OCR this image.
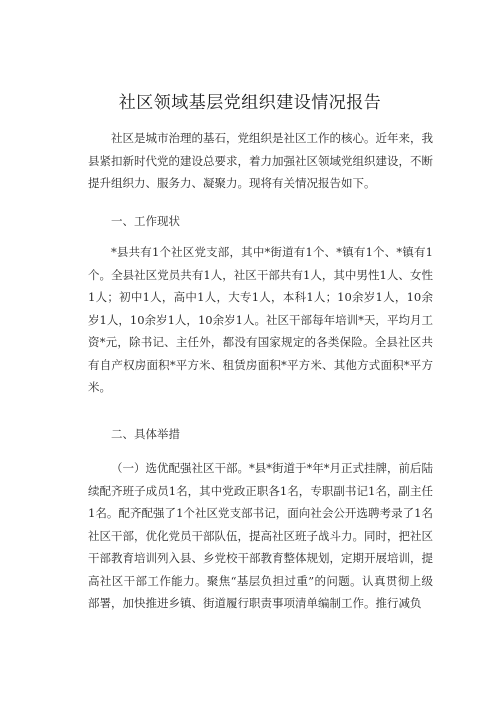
社区领域基层党组织建设情况报告
社区是城市治理的基石，党组织是社区工作的核心。近年来，我县紧扣新时代党的建设总要求，着力加强社区领域党组织建设，不断提升组织力、服务力、凝聚力。现将有关情况报告如下。
一、工作现状
*县共有1个社区党支部，其中*街道有1个、*镇有1个、*镇有1个。全县社区党员共有1人，社区干部共有1人，其中男性1人、女性1人；初中1人，高中1人，大专1人，本科1人；10余岁1人，10余岁1人，10余岁1人，10余岁1人。社区干部每年培训*天，平均月工资*元，除书记、主任外，都没有国家规定的各类保险。全县社区共有自产权房面积*平方米、租赁房面积*平方米、其他方式面积*平方米。
二、具体举措
（一）选优配强社区干部。*县*街道于*年*月正式挂牌，前后陆续配齐班子成员1名，其中党政正职各1名，专职副书记1名，副主任1名。配齐配强了1个社区党支部书记，面向社会公开选聘考录了1名社区干部，优化党员干部队伍，提高社区班子战斗力。同时，把社区干部教育培训列入县、乡党校干部教育整体规划，定期开展培训，提高社区干部工作能力。聚焦“基层负担过重”的问题。认真贯彻上级部署，加快推进乡镇、街道履行职责事项清单编制工作。推行减负
